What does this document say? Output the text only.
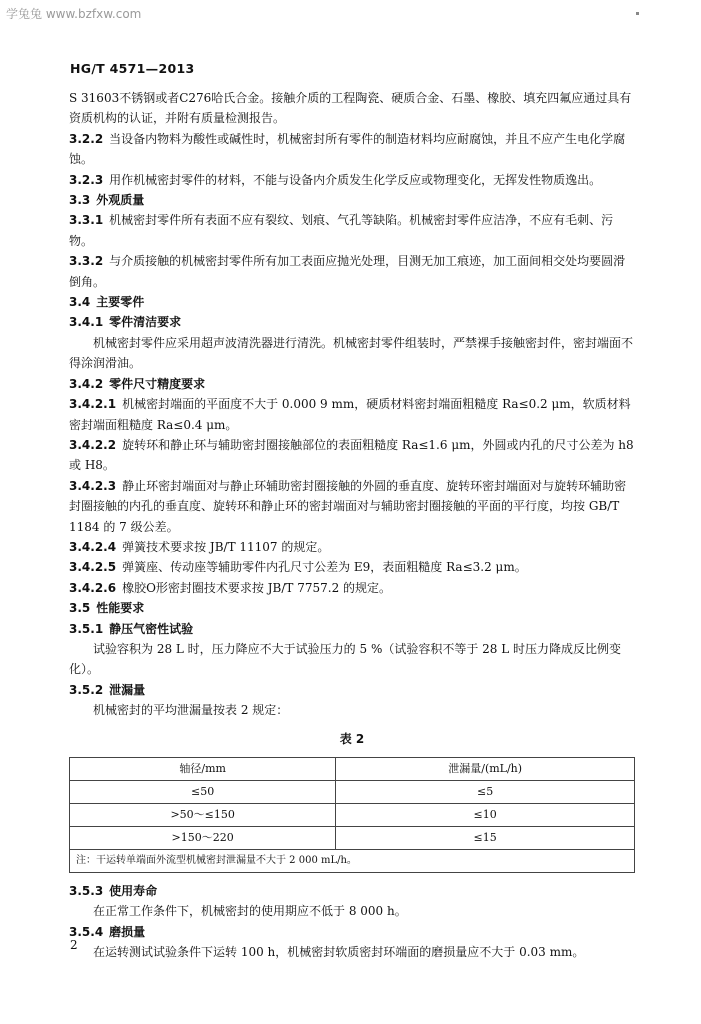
学兔兔 www.bzfxw.com
HG/T 4571—2013

S 31603不锈钢或者C276哈氏合金。接触介质的工程陶瓷、硬质合金、石墨、橡胶、填充四氟应通过具有资质机构的认证，并附有质量检测报告。

3.2.2 当设备内物料为酸性或碱性时，机械密封所有零件的制造材料均应耐腐蚀，并且不应产生电化学腐蚀。

3.2.3 用作机械密封零件的材料，不能与设备内介质发生化学反应或物理变化，无挥发性物质逸出。

3.3 外观质量

3.3.1 机械密封零件所有表面不应有裂纹、划痕、气孔等缺陷。机械密封零件应洁净，不应有毛刺、污物。

3.3.2 与介质接触的机械密封零件所有加工表面应抛光处理，目测无加工痕迹，加工面间相交处均要圆滑倒角。

3.4 主要零件

3.4.1 零件清洁要求

机械密封零件应采用超声波清洗器进行清洗。机械密封零件组装时，严禁裸手接触密封件，密封端面不得涂润滑油。

3.4.2 零件尺寸精度要求

3.4.2.1 机械密封端面的平面度不大于 0.000 9 mm，硬质材料密封端面粗糙度 Ra≤0.2 μm，软质材料密封端面粗糙度 Ra≤0.4 μm。

3.4.2.2 旋转环和静止环与辅助密封圈接触部位的表面粗糙度 Ra≤1.6 μm，外圆或内孔的尺寸公差为 h8 或 H8。

3.4.2.3 静止环密封端面对与静止环辅助密封圈接触的外圆的垂直度、旋转环密封端面对与旋转环辅助密封圈接触的内孔的垂直度、旋转环和静止环的密封端面对与辅助密封圈接触的平面的平行度，均按 GB/T 1184 的 7 级公差。

3.4.2.4 弹簧技术要求按 JB/T 11107 的规定。

3.4.2.5 弹簧座、传动座等辅助零件内孔尺寸公差为 E9，表面粗糙度 Ra≤3.2 μm。

3.4.2.6 橡胶O形密封圈技术要求按 JB/T 7757.2 的规定。

3.5 性能要求

3.5.1 静压气密性试验

试验容积为 28 L 时，压力降应不大于试验压力的 5 %（试验容积不等于 28 L 时压力降成反比例变化）。

3.5.2 泄漏量

机械密封的平均泄漏量按表 2 规定：

表 2
轴径/mm	泄漏量/(mL/h)
≤50	≤5
>50～≤150	≤10
>150～220	≤15
注：干运转单端面外流型机械密封泄漏量不大于 2 000 mL/h。	

3.5.3 使用寿命

在正常工作条件下，机械密封的使用期应不低于 8 000 h。

3.5.4 磨损量

在运转测试试验条件下运转 100 h，机械密封软质密封环端面的磨损量应不大于 0.03 mm。

2
